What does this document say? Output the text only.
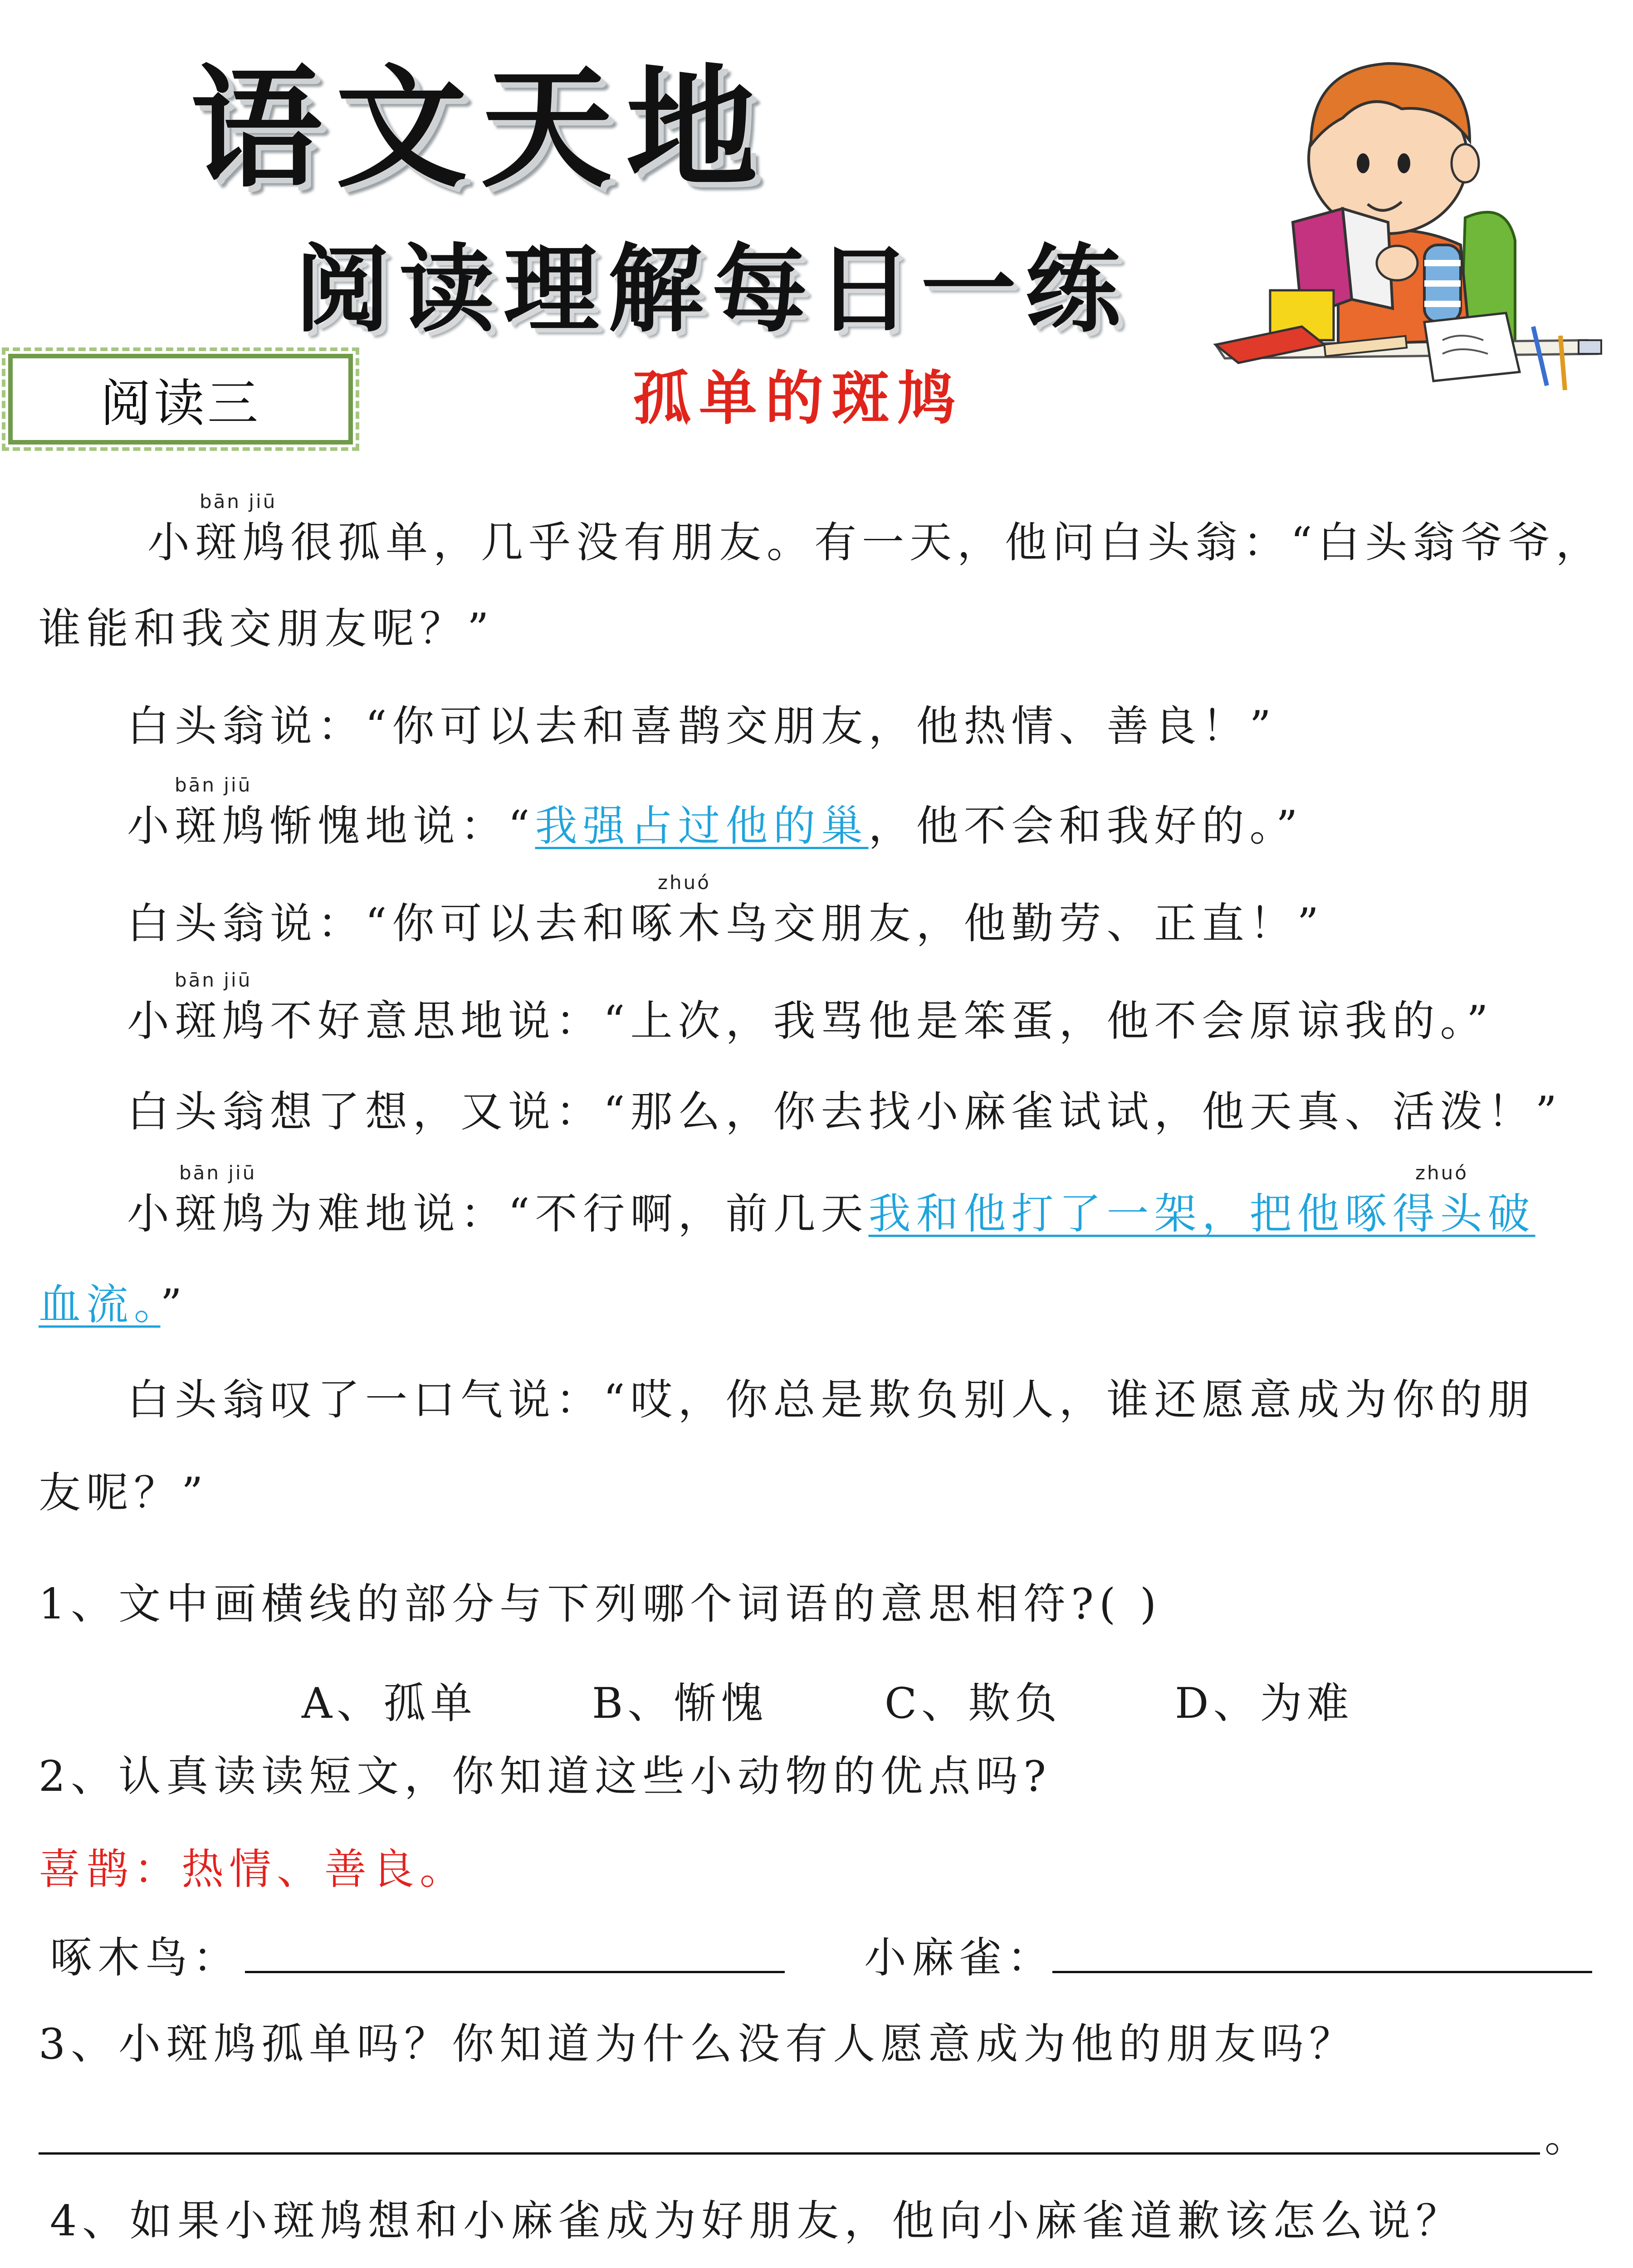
语文天地
阅读理解每日一练
孤单的斑鸠
阅读三
bān jiū
小斑鸠很孤单，几乎没有朋友。有一天，他问白头翁：“白头翁爷爷，
谁能和我交朋友呢？”
白头翁说：“你可以去和喜鹊交朋友，他热情、善良！”
bān jiū
小斑鸠惭愧地说：“我强占过他的巢，他不会和我好的。”
zhuó
白头翁说：“你可以去和啄木鸟交朋友，他勤劳、正直！”
bān jiū
小斑鸠不好意思地说：“上次，我骂他是笨蛋，他不会原谅我的。”
白头翁想了想，又说：“那么，你去找小麻雀试试，他天真、活泼！”
bān jiū	zhuó
小斑鸠为难地说：“不行啊，前几天我和他打了一架，把他啄得头破
血流。”
白头翁叹了一口气说：“哎，你总是欺负别人，谁还愿意成为你的朋
友呢？”
1、文中画横线的部分与下列哪个词语的意思相符?( )
A、孤单	B、惭愧	C、欺负	D、为难
2、认真读读短文，你知道这些小动物的优点吗?
喜鹊：热情、善良。
啄木鸟：	小麻雀：
3、小斑鸠孤单吗？你知道为什么没有人愿意成为他的朋友吗？
。
4、如果小斑鸠想和小麻雀成为好朋友，他向小麻雀道歉该怎么说？
